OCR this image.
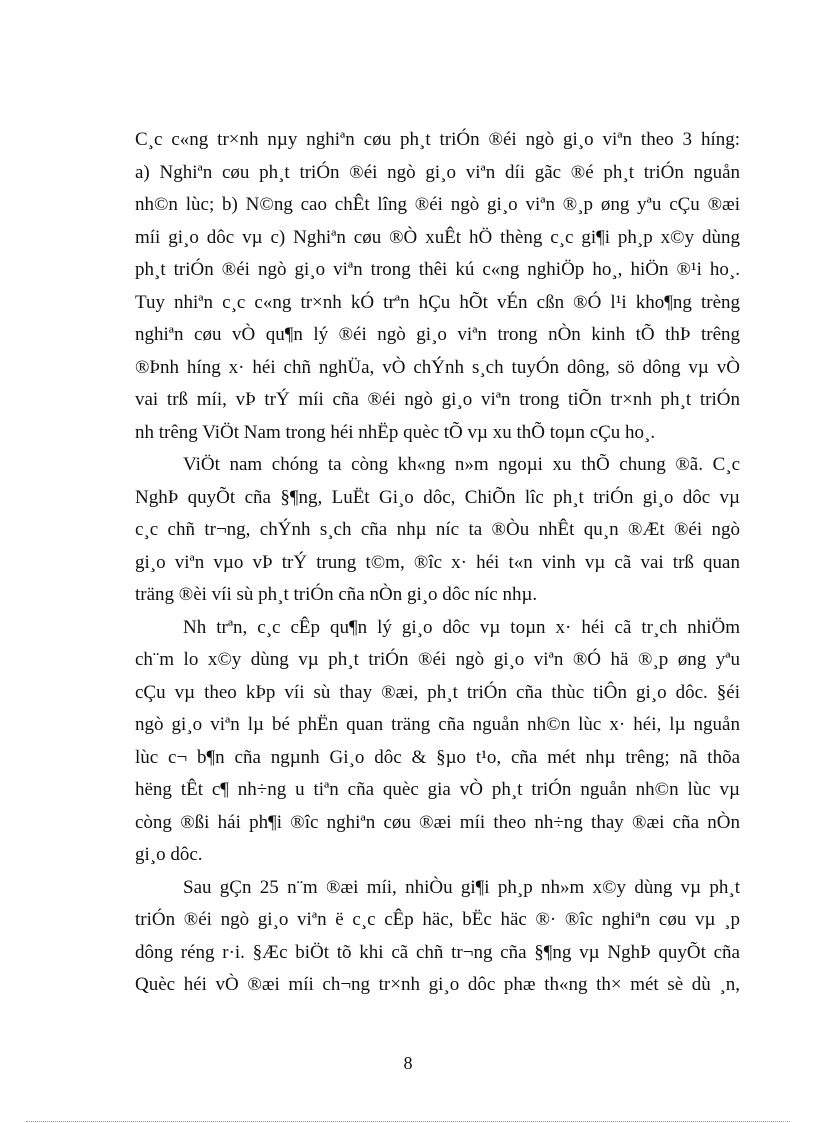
C¸c c«ng tr×nh nµy nghiªn cøu ph¸t triÓn ®éi ngò gi¸o viªn theo 3 híng:
a) Nghiªn cøu ph¸t triÓn ®éi ngò gi¸o viªn díi gãc ®é ph¸t triÓn nguån
nh©n lùc; b) N©ng cao chÊt lîng ®éi ngò gi¸o viªn ®¸p øng yªu cÇu ®æi
míi gi¸o dôc vµ c) Nghiªn cøu ®Ò xuÊt hÖ thèng c¸c gi¶i ph¸p x©y dùng
ph¸t triÓn ®éi ngò gi¸o viªn trong thêi kú c«ng nghiÖp ho¸, hiÖn ®¹i ho¸.
Tuy nhiªn c¸c c«ng tr×nh kÓ trªn hÇu hÕt vÉn cßn ®Ó l¹i kho¶ng trèng
nghiªn cøu vÒ qu¶n lý ®éi ngò gi¸o viªn trong nÒn kinh tÕ thÞ trêng
®Þnh híng x· héi chñ nghÜa, vÒ chÝnh s¸ch tuyÓn dông, sö dông vµ vÒ
vai trß míi, vÞ trÝ míi cña ®éi ngò gi¸o viªn trong tiÕn tr×nh ph¸t triÓn
nh trêng ViÖt Nam trong héi nhËp quèc tÕ vµ xu thÕ toµn cÇu ho¸.
ViÖt nam chóng ta còng kh«ng n»m ngoµi xu thÕ chung ®ã. C¸c
NghÞ quyÕt cña §¶ng, LuËt Gi¸o dôc, ChiÕn lîc ph¸t triÓn gi¸o dôc vµ
c¸c chñ tr¬ng, chÝnh s¸ch cña nhµ níc ta ®Òu nhÊt qu¸n ®Æt ®éi ngò
gi¸o viªn vµo vÞ trÝ trung t©m, ®îc x· héi t«n vinh vµ cã vai trß quan
träng ®èi víi sù ph¸t triÓn cña nÒn gi¸o dôc níc nhµ.
Nh trªn, c¸c cÊp qu¶n lý gi¸o dôc vµ toµn x· héi cã tr¸ch nhiÖm
ch¨m lo x©y dùng vµ ph¸t triÓn ®éi ngò gi¸o viªn ®Ó hä ®¸p øng yªu
cÇu vµ theo kÞp víi sù thay ®æi, ph¸t triÓn cña thùc tiÔn gi¸o dôc. §éi
ngò gi¸o viªn lµ bé phËn quan träng cña nguån nh©n lùc x· héi, lµ nguån
lùc c¬ b¶n cña ngµnh Gi¸o dôc & §µo t¹o, cña mét nhµ trêng; nã thõa
hëng tÊt c¶ nh÷ng u tiªn cña quèc gia vÒ ph¸t triÓn nguån nh©n lùc vµ
còng ®ßi hái ph¶i ®îc nghiªn cøu ®æi míi theo nh÷ng thay ®æi cña nÒn
gi¸o dôc.
Sau gÇn 25 n¨m ®æi míi, nhiÒu gi¶i ph¸p nh»m x©y dùng vµ ph¸t
triÓn ®éi ngò gi¸o viªn ë c¸c cÊp häc, bËc häc ®· ®îc nghiªn cøu vµ ¸p
dông réng r·i. §Æc biÖt tõ khi cã chñ tr¬ng cña §¶ng vµ NghÞ quyÕt cña
Quèc héi vÒ ®æi míi ch¬ng tr×nh gi¸o dôc phæ th«ng th× mét sè dù ¸n,
8
